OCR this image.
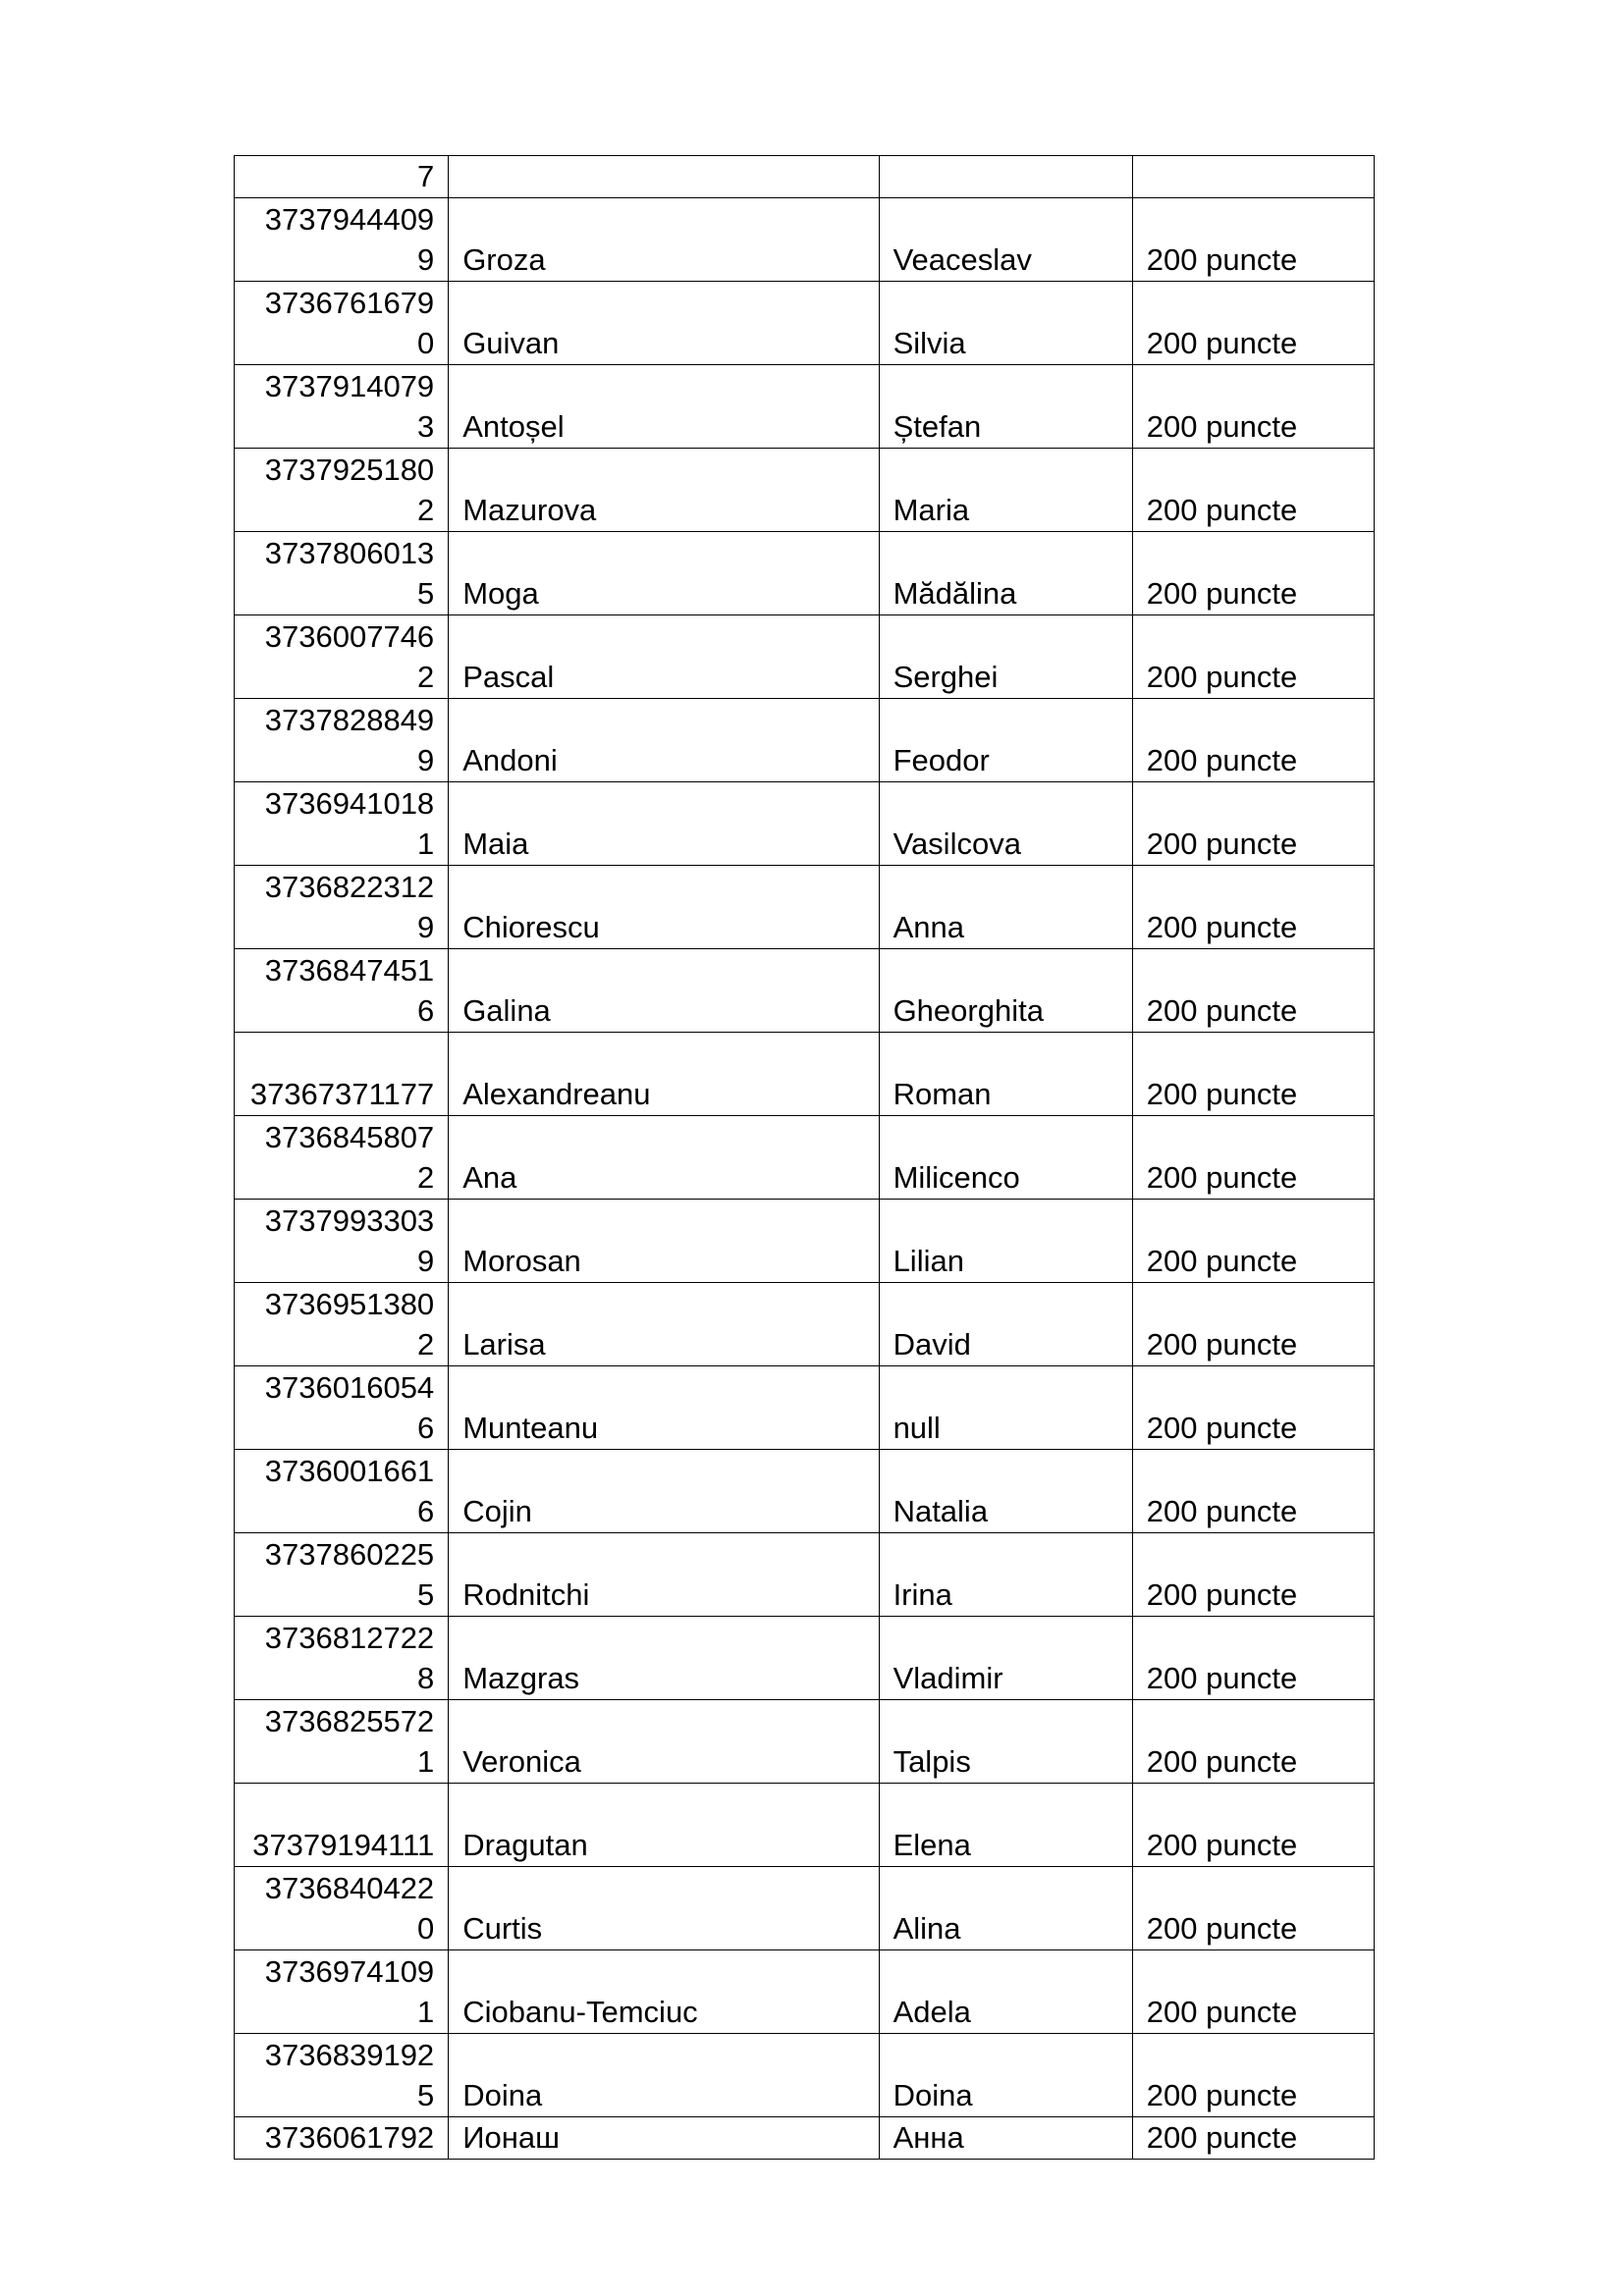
7			
37379444099	Groza	Veaceslav	200 puncte
37367616790	Guivan	Silvia	200 puncte
37379140793	Antoșel	Ștefan	200 puncte
37379251802	Mazurova	Maria	200 puncte
37378060135	Moga	Mădălina	200 puncte
37360077462	Pascal	Serghei	200 puncte
37378288499	Andoni	Feodor	200 puncte
37369410181	Maia	Vasilcova	200 puncte
37368223129	Chiorescu	Anna	200 puncte
37368474516	Galina	Gheorghita	200 puncte
37367371177	Alexandreanu	Roman	200 puncte
37368458072	Ana	Milicenco	200 puncte
37379933039	Morosan	Lilian	200 puncte
37369513802	Larisa	David	200 puncte
37360160546	Munteanu	null	200 puncte
37360016616	Cojin	Natalia	200 puncte
37378602255	Rodnitchi	Irina	200 puncte
37368127228	Mazgras	Vladimir	200 puncte
37368255721	Veronica	Talpis	200 puncte
37379194111	Dragutan	Elena	200 puncte
37368404220	Curtis	Alina	200 puncte
37369741091	Ciobanu-Temciuc	Adela	200 puncte
37368391925	Doina	Doina	200 puncte
3736061792	Ионаш	Анна	200 puncte
